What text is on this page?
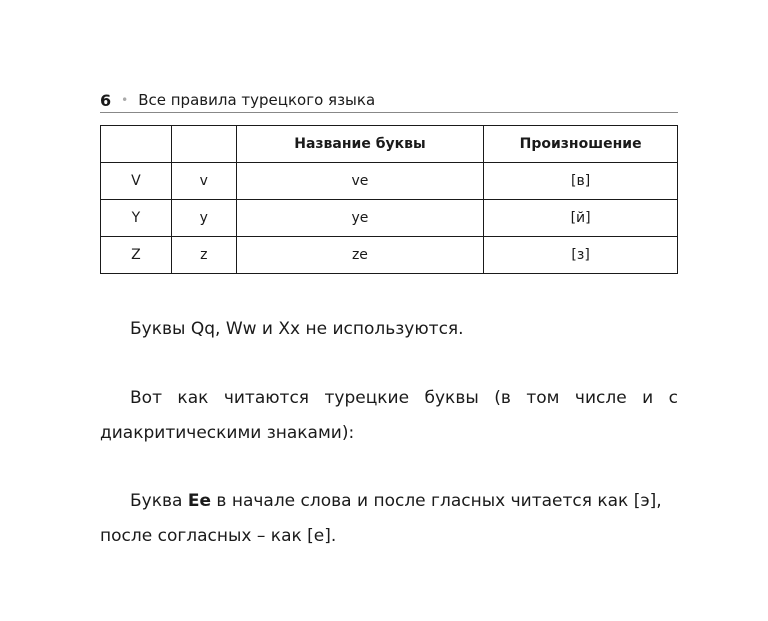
6 • Все правила турецкого языка
		Название буквы	Произношение
V	v	ve	[в]
Y	y	ye	[й]
Z	z	ze	[з]

Буквы Qq, Ww и Xx не используются.

Вот как читаются турецкие буквы (в том числе и с диакритическими знаками):

Буква Ee в начале слова и после гласных читается как [э], после согласных – как [е].
